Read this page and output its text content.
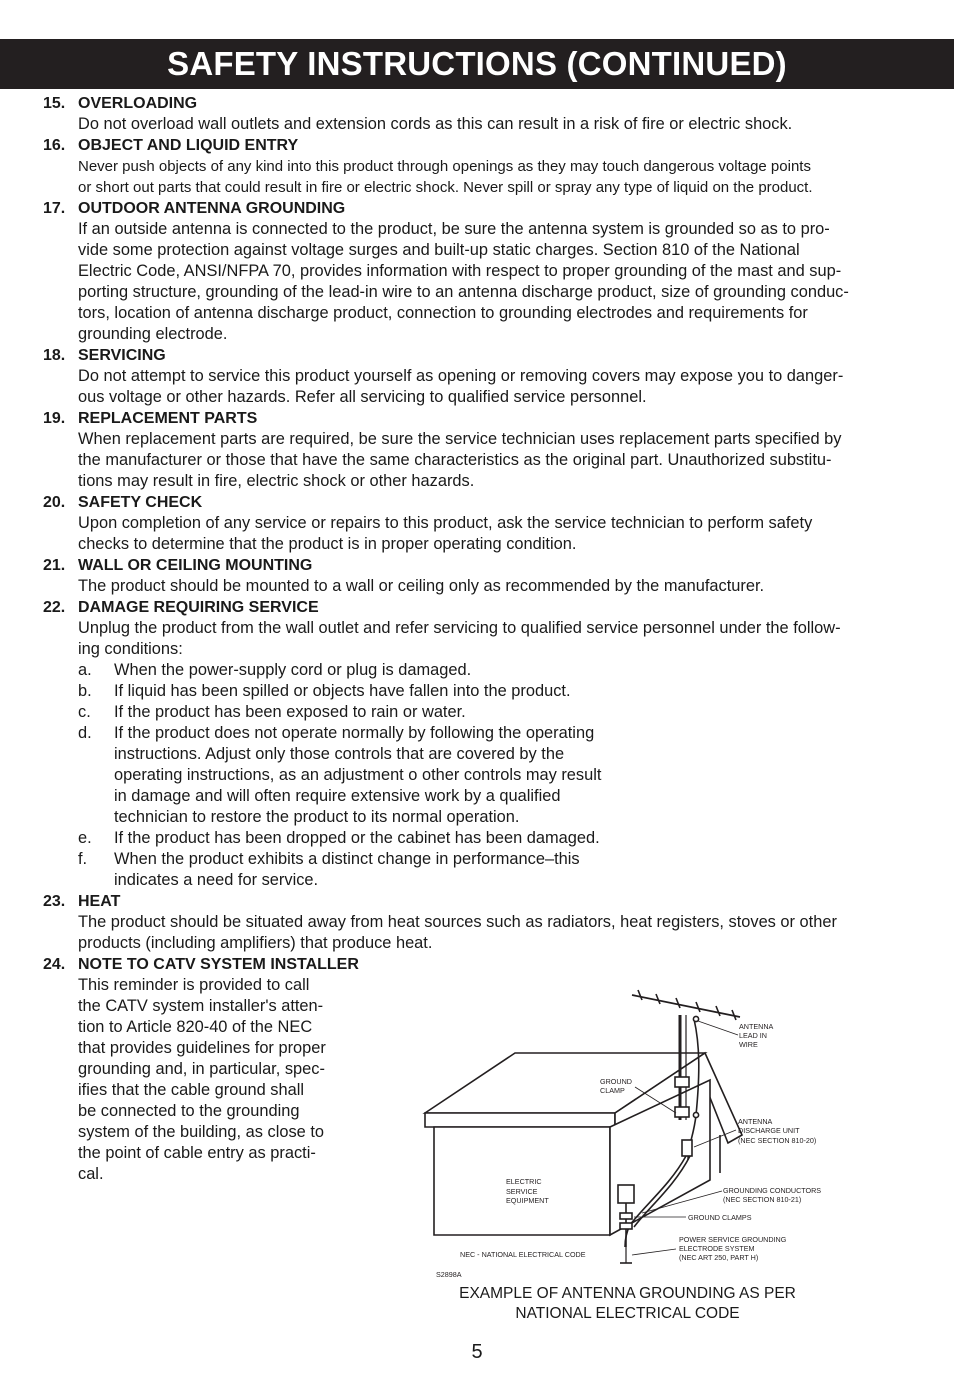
SAFETY INSTRUCTIONS (CONTINUED)
15. OVERLOADING
Do not overload wall outlets and extension cords as this can result in a risk of fire or electric shock.
16. OBJECT AND LIQUID ENTRY
Never push objects of any kind into this product through openings as they may touch dangerous voltage points
or short out parts that could result in fire or electric shock. Never spill or spray any type of liquid on the product.
17. OUTDOOR ANTENNA GROUNDING
If an outside antenna is connected to the product, be sure the antenna system is grounded so as to pro-
vide some protection against voltage surges and built-up static charges. Section 810 of the National
Electric Code, ANSI/NFPA 70, provides information with respect to proper grounding of the mast and sup-
porting structure, grounding of the lead-in wire to an antenna discharge product, size of grounding conduc-
tors, location of antenna discharge product, connection to grounding electrodes and requirements for
grounding electrode.
18. SERVICING
Do not attempt to service this product yourself as opening or removing covers may expose you to danger-
ous voltage or other hazards. Refer all servicing to qualified service personnel.
19. REPLACEMENT PARTS
When replacement parts are required, be sure the service technician uses replacement parts specified by
the manufacturer or those that have the same characteristics as the original part. Unauthorized substitu-
tions may result in fire, electric shock or other hazards.
20. SAFETY CHECK
Upon completion of any service or repairs to this product, ask the service technician to perform safety
checks to determine that the product is in proper operating condition.
21. WALL OR CEILING MOUNTING
The product should be mounted to a wall or ceiling only as recommended by the manufacturer.
22. DAMAGE REQUIRING SERVICE
Unplug the product from the wall outlet and refer servicing to qualified service personnel under the follow-
ing conditions:
a.	When the power-supply cord or plug is damaged.
b.	If liquid has been spilled or objects have fallen into the product.
c.	If the product has been exposed to rain or water.
d.	If the product does not operate normally by following the operating
instructions. Adjust only those controls that are covered by the
operating instructions, as an adjustment o other controls may result
in damage and will often require extensive work by a qualified
technician to restore the product to its normal operation.
e.	If the product has been dropped or the cabinet has been damaged.
f.	When the product exhibits a distinct change in performance–this
indicates a need for service.
23. HEAT
The product should be situated away from heat sources such as radiators, heat registers, stoves or other
products (including amplifiers) that produce heat.
24. NOTE TO CATV SYSTEM INSTALLER
This reminder is provided to call
the CATV system installer's atten-
tion to Article 820-40 of the NEC
that provides guidelines for proper
grounding and, in particular, spec-
ifies that the cable ground shall
be connected to the grounding
system of the building, as close to
the point of cable entry as practi-
cal.
ANTENNA LEAD IN WIRE
GROUND CLAMP
ANTENNA DISCHARGE UNIT (NEC SECTION 810-20)
ELECTRIC SERVICE EQUIPMENT
GROUNDING CONDUCTORS (NEC SECTION 810-21)
GROUND CLAMPS
POWER SERVICE GROUNDING ELECTRODE SYSTEM (NEC ART 250, PART H)
NEC - NATIONAL ELECTRICAL CODE
S2898A
EXAMPLE OF ANTENNA GROUNDING AS PER
NATIONAL ELECTRICAL CODE
5
